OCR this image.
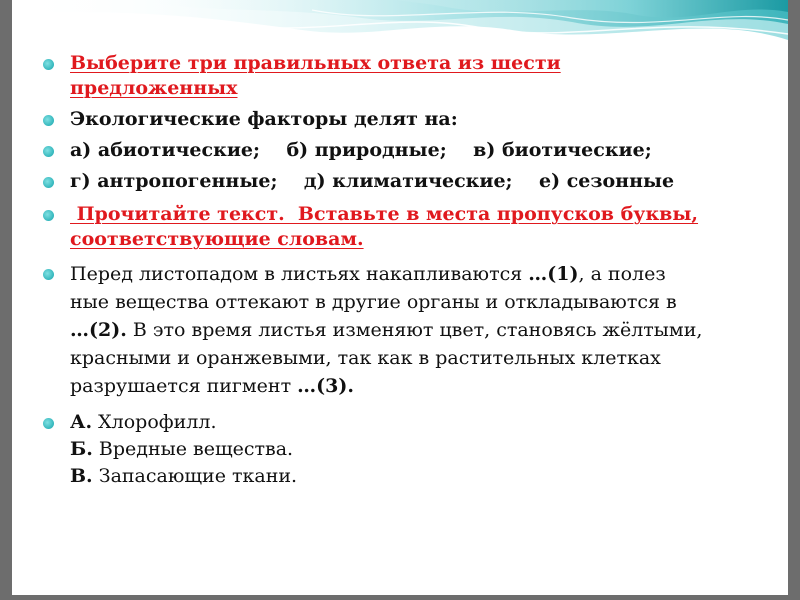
Выберите три правильных ответа из шести
предложенных
Экологические факторы делят на:
а) абиотические;    б) природные;    в) биотические;
г) антропогенные;    д) климатические;    е) сезонные
Прочитайте текст.  Вставьте в места пропусков буквы, соответствующие словам.
Перед листопадом в листьях накапливаются …(1), а полез
ные вещества оттекают в другие органы и откладываются в
…(2). В это время листья изменяют цвет, становясь жёлтыми,
красными и оранжевыми, так как в растительных клетках
разрушается пигмент …(3).
А. Хлорофилл.
Б. Вредные вещества.
В. Запасающие ткани.
